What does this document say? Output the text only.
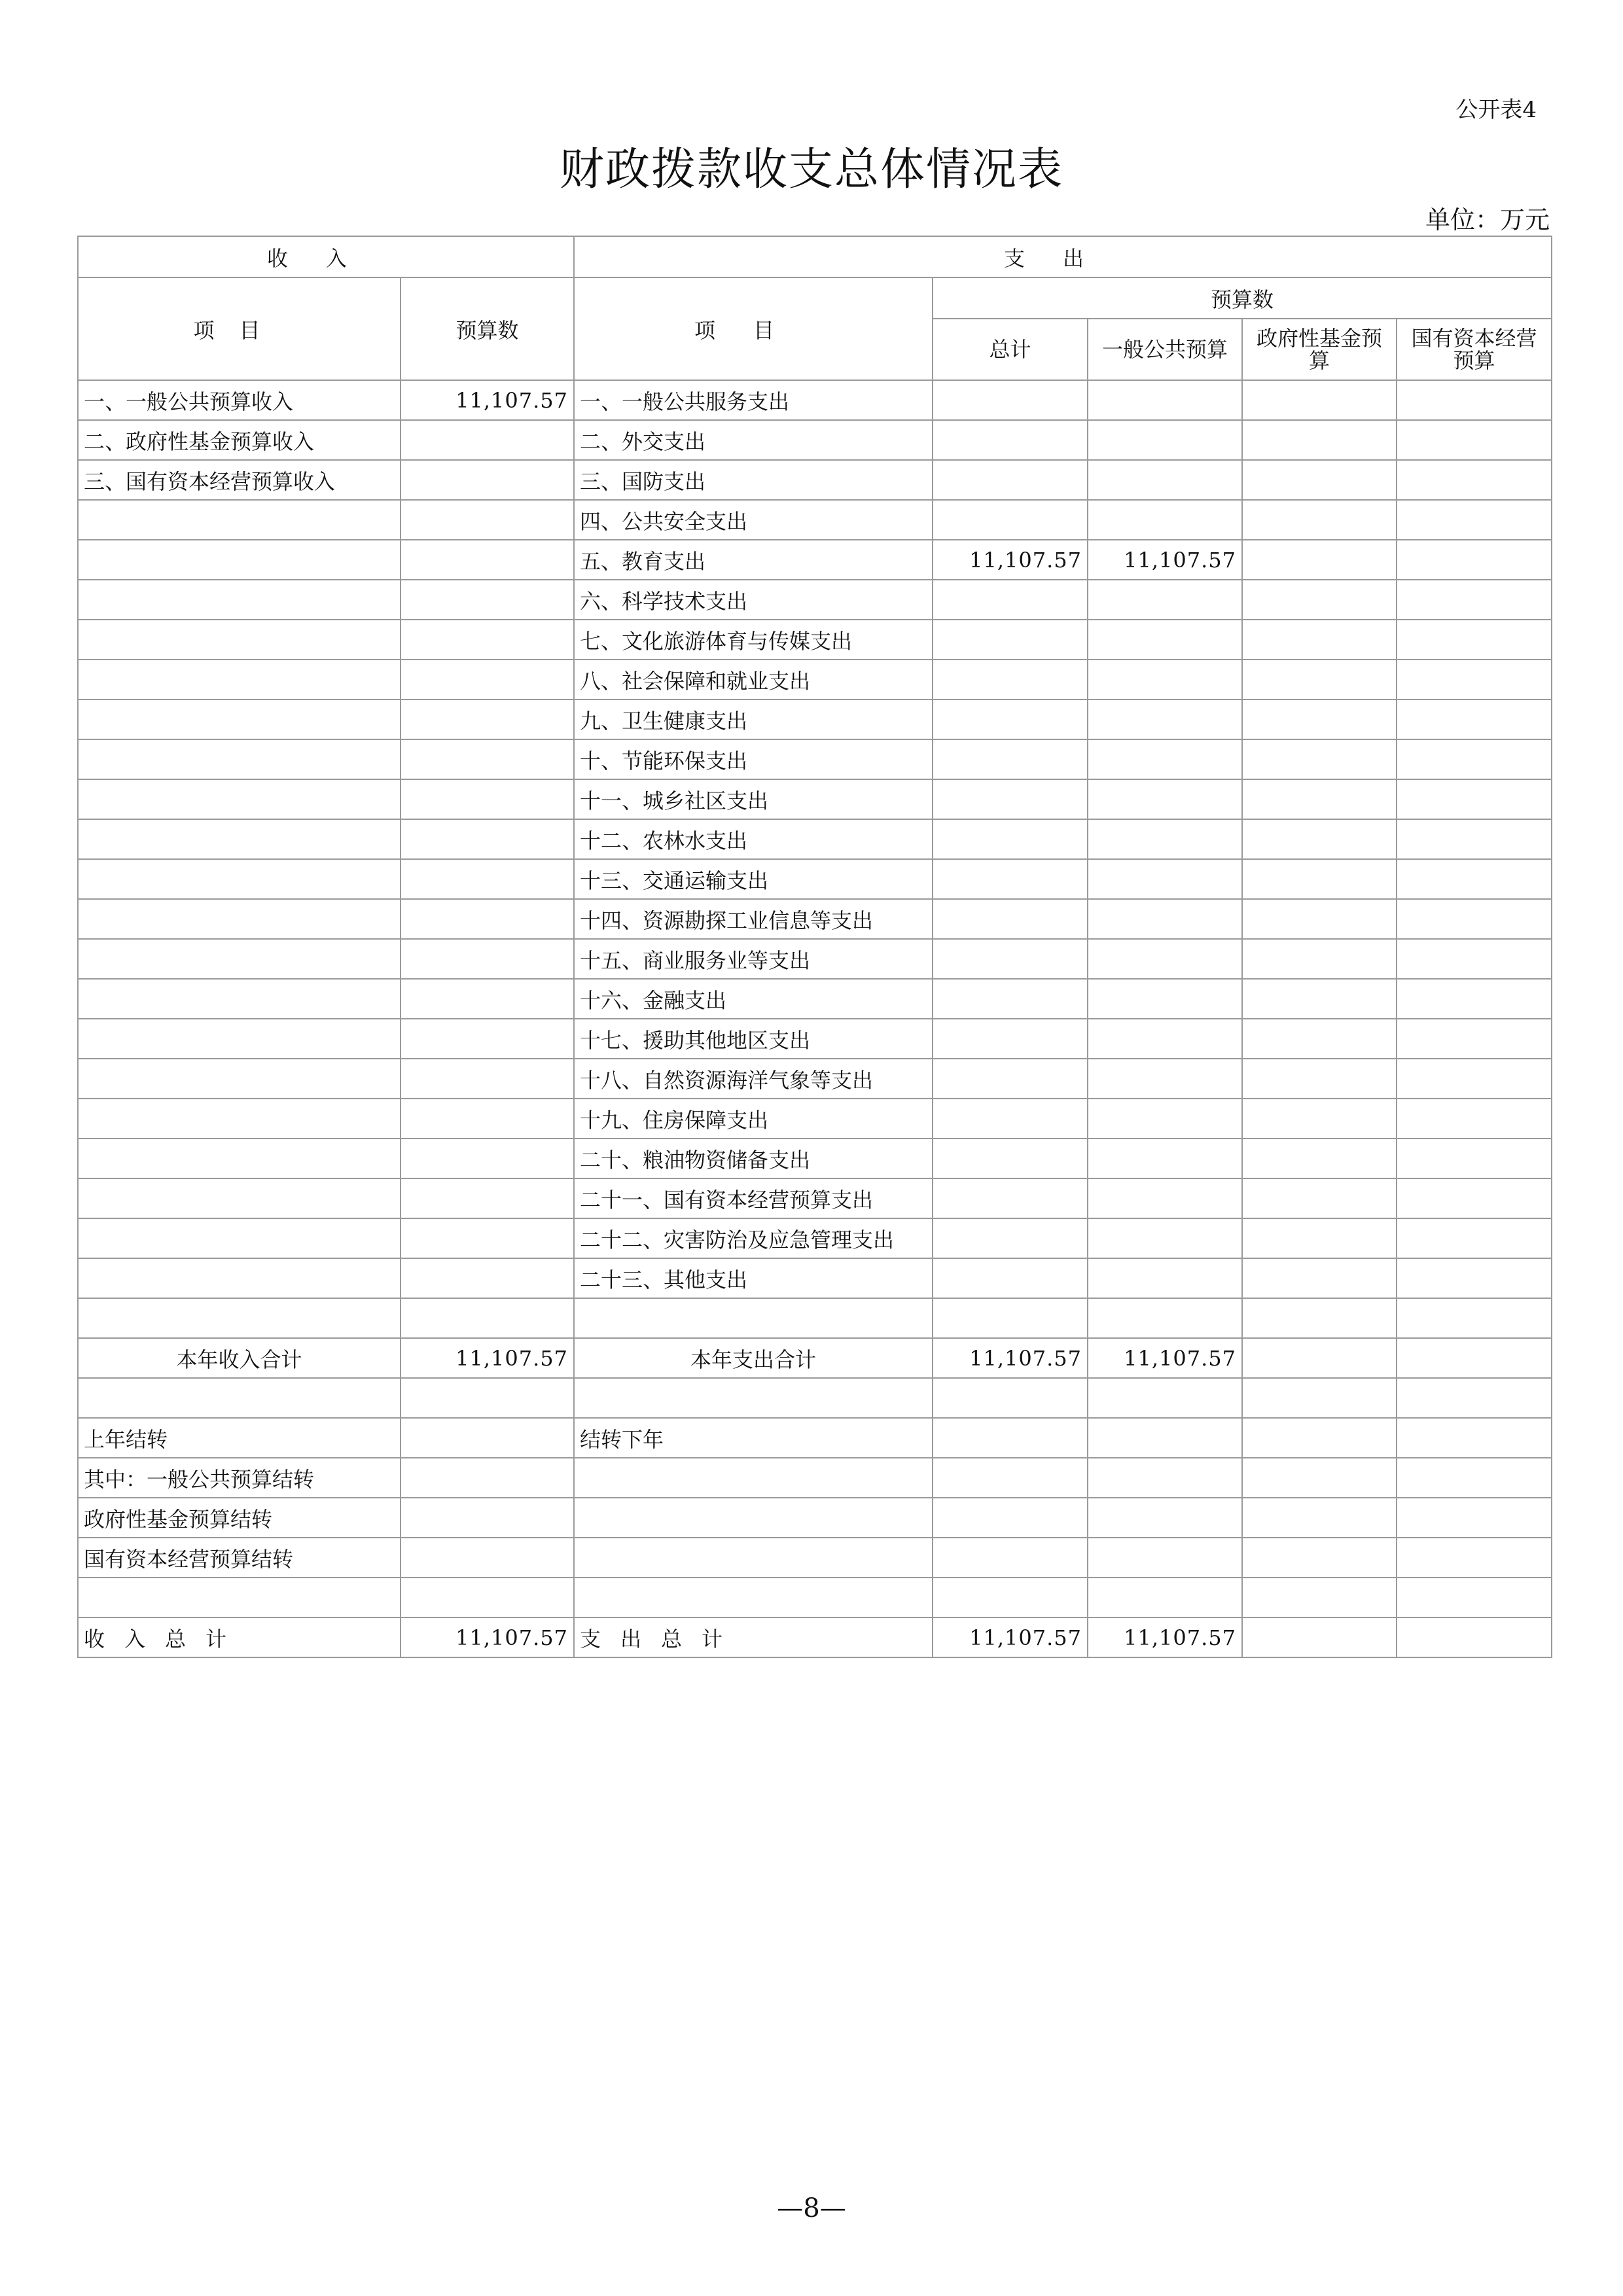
公开表4
财政拨款收支总体情况表
单位：万元
收入		支出				
项目	预算数	项目	预算数			
			总计	一般公共预算	政府性基金预算	国有资本经营预算
一、一般公共预算收入	11,107.57	一、一般公共服务支出				
二、政府性基金预算收入		二、外交支出				
三、国有资本经营预算收入		三、国防支出				
		四、公共安全支出				
		五、教育支出	11,107.57	11,107.57		
		六、科学技术支出				
		七、文化旅游体育与传媒支出				
		八、社会保障和就业支出				
		九、卫生健康支出				
		十、节能环保支出				
		十一、城乡社区支出				
		十二、农林水支出				
		十三、交通运输支出				
		十四、资源勘探工业信息等支出				
		十五、商业服务业等支出				
		十六、金融支出				
		十七、援助其他地区支出				
		十八、自然资源海洋气象等支出				
		十九、住房保障支出				
		二十、粮油物资储备支出				
		二十一、国有资本经营预算支出				
		二十二、灾害防治及应急管理支出				
		二十三、其他支出				

本年收入合计	11,107.57	本年支出合计	11,107.57	11,107.57		

上年结转		结转下年				
其中：一般公共预算结转						
政府性基金预算结转						
国有资本经营预算结转						

收入总计	11,107.57	支出总计	11,107.57	11,107.57		
—8—
